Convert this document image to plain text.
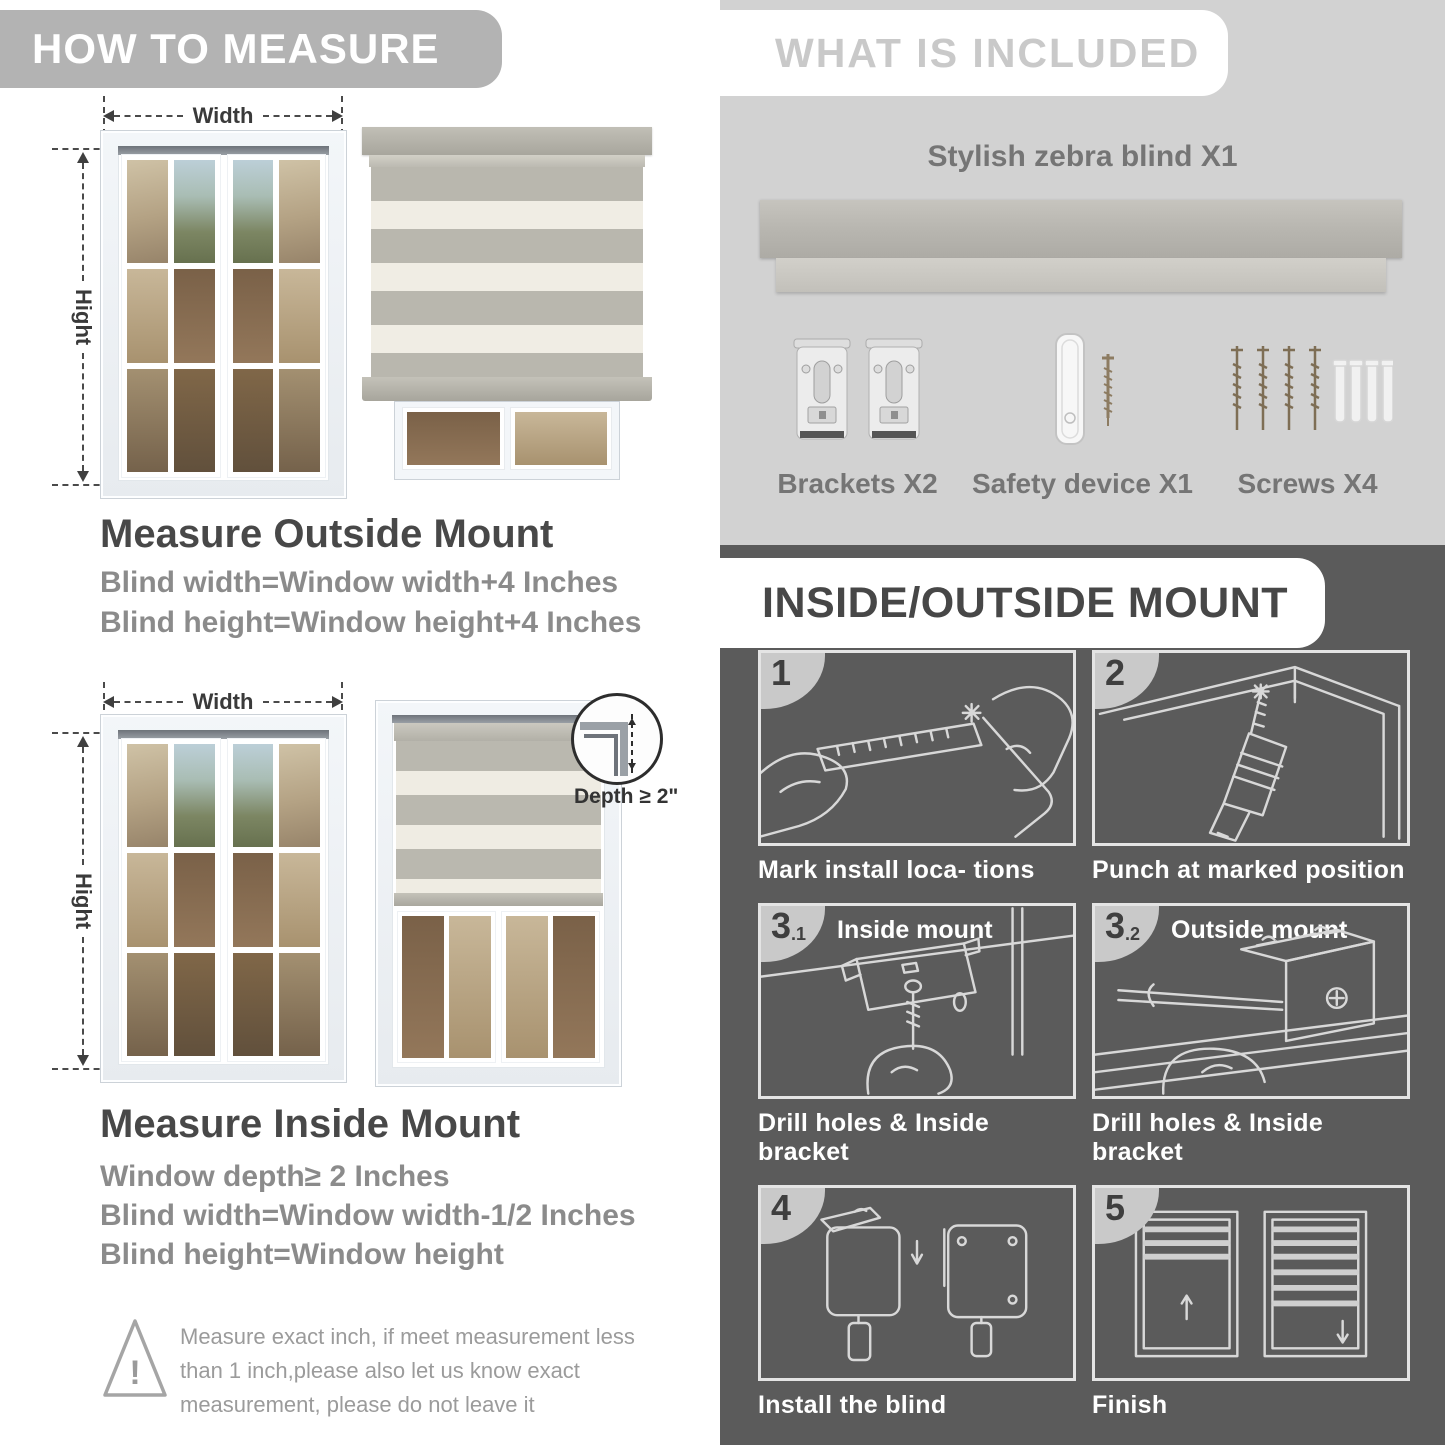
HOW TO MEASURE
Width
Hight
Measure Outside Mount
Blind width=Window width+4 Inches
Blind height=Window height+4 Inches
Width
Hight
Depth ≥ 2"
Measure Inside Mount
Window depth≥ 2 Inches
Blind width=Window width-1/2 Inches
Blind height=Window height
!
Measure exact inch, if meet measurement less than 1 inch,please also let us know exact measurement, please do not leave it
WHAT IS INCLUDED
Stylish zebra blind X1
Brackets X2 Safety device X1 Screws X4
INSIDE/OUTSIDE MOUNT
1
Mark install loca- tions
2
Punch at marked position
Inside mount
3 .1
Drill holes & Inside bracket
Outside mount
3 .2
Drill holes & Inside bracket
4
Install the blind
5
Finish
